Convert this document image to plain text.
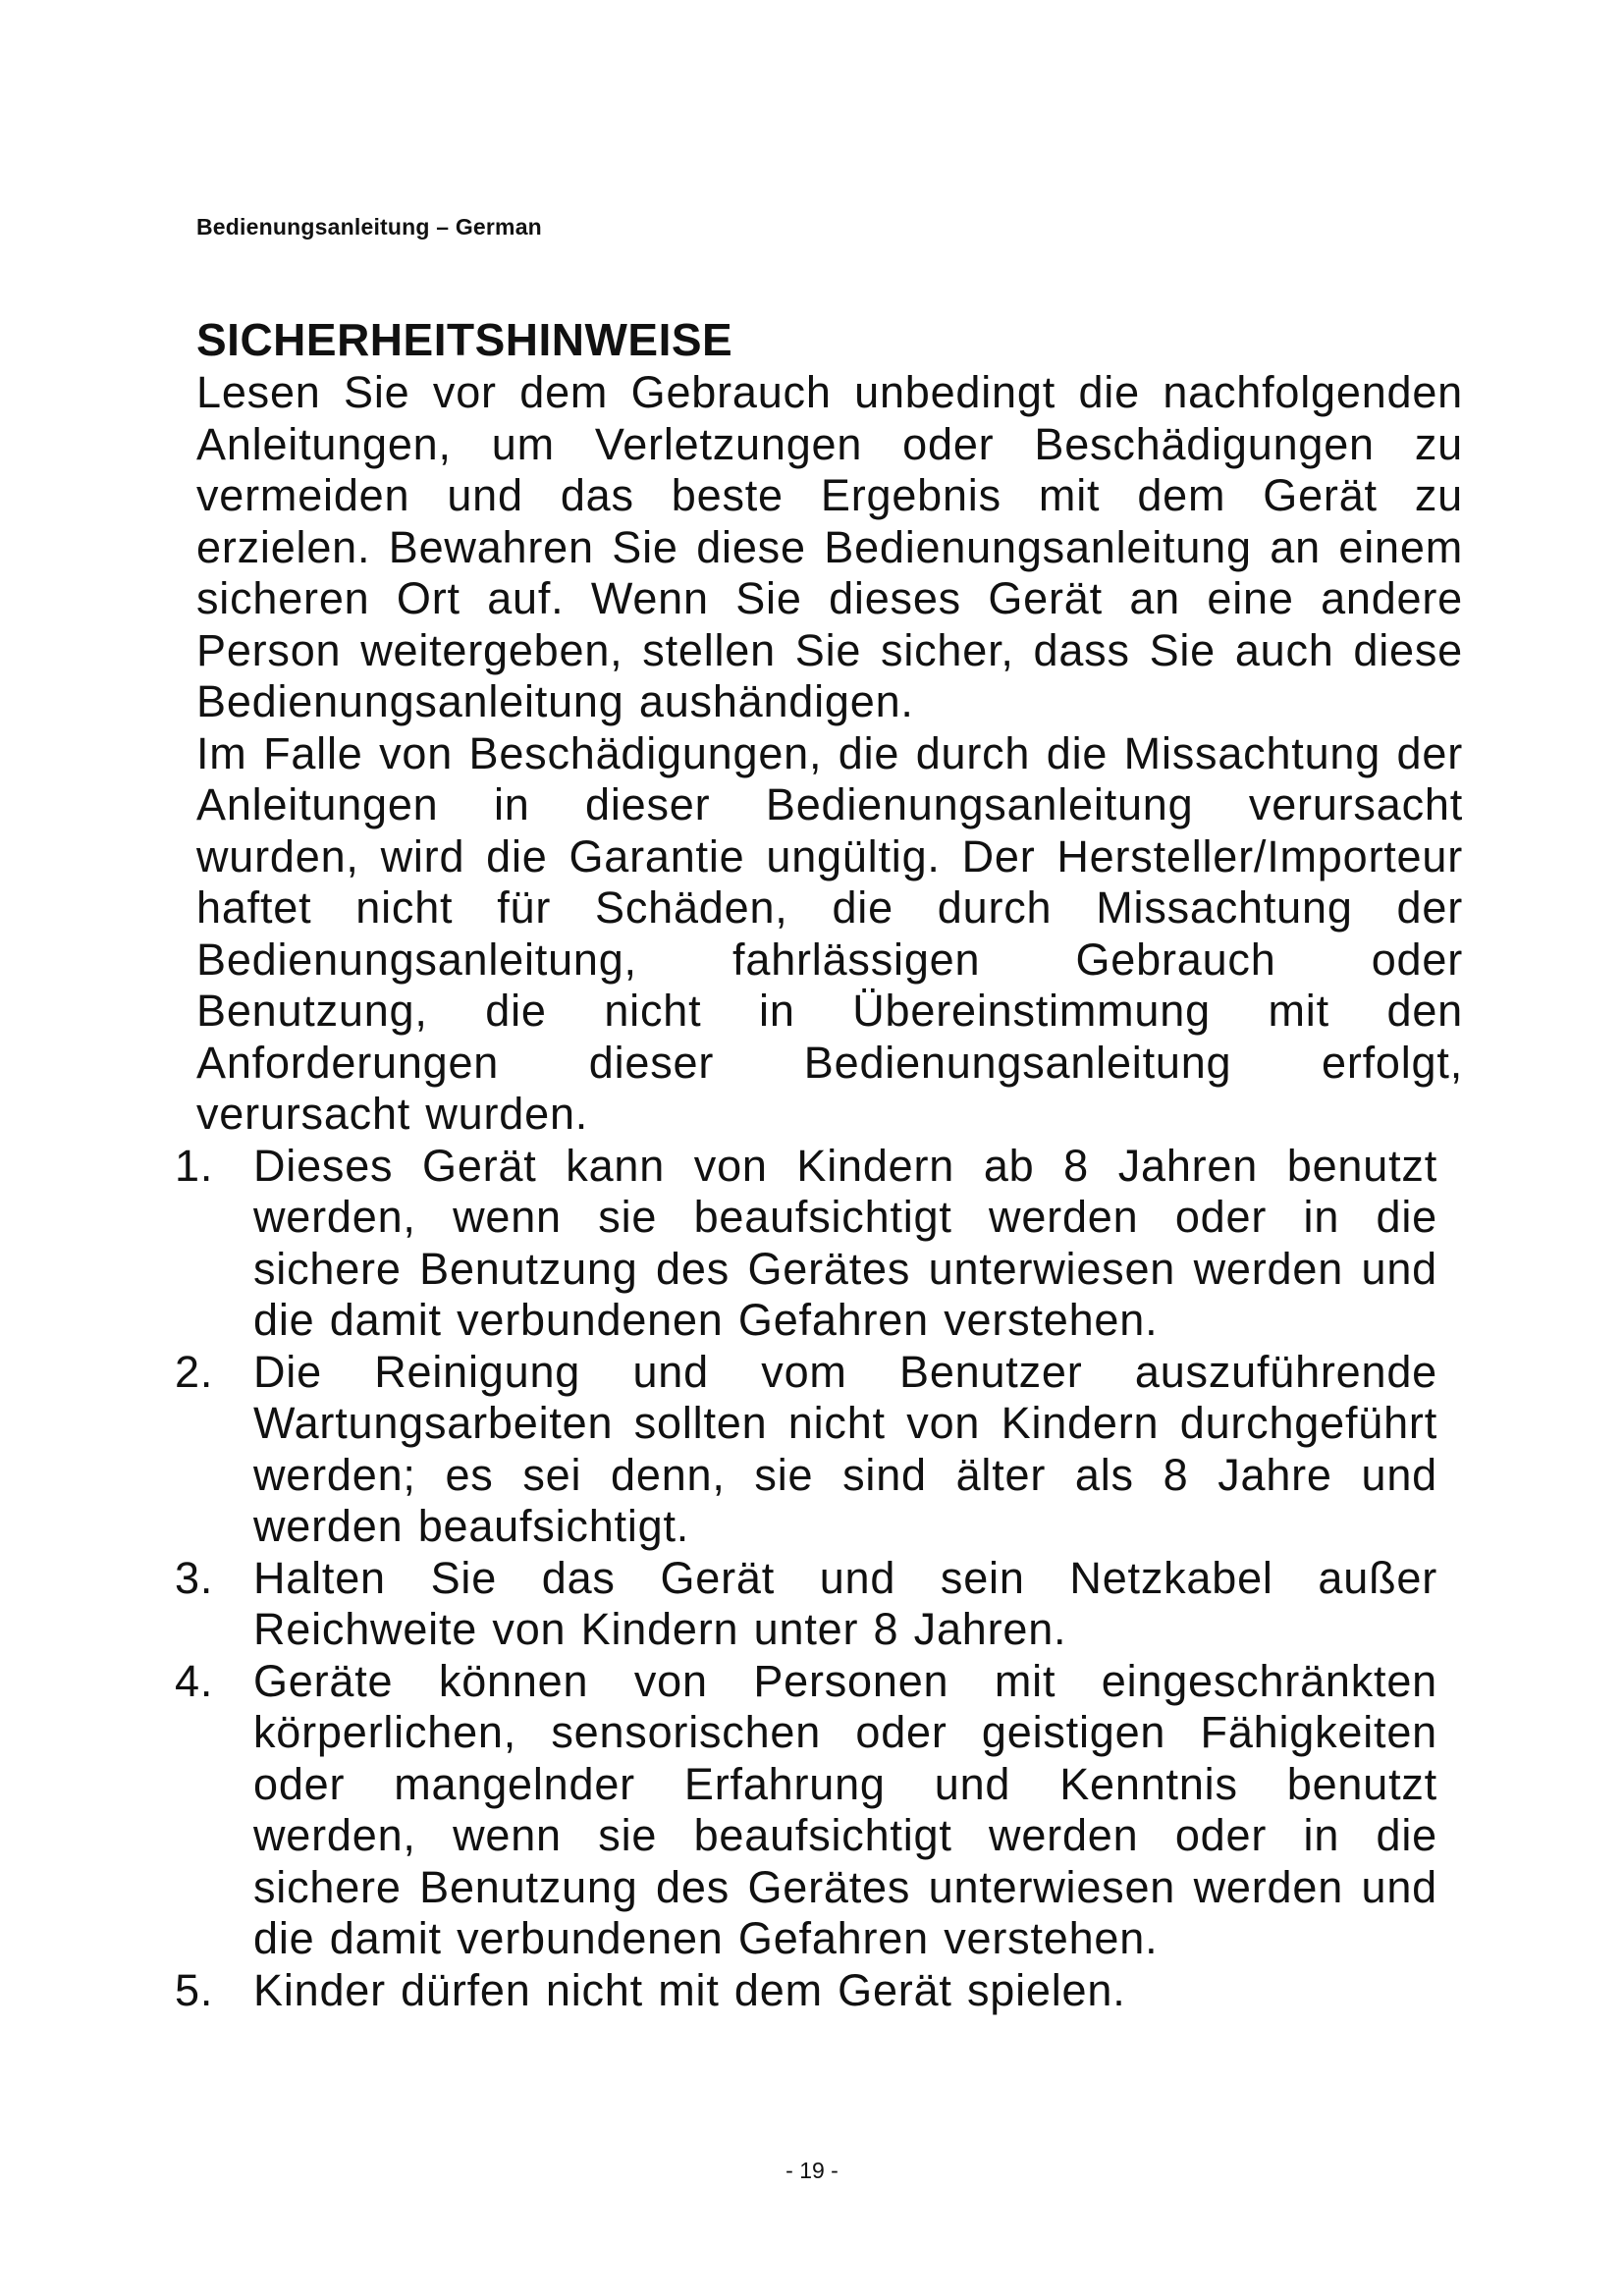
Bedienungsanleitung – German
SICHERHEITSHINWEISE

Lesen Sie vor dem Gebrauch unbedingt die nachfolgenden Anleitungen, um Verletzungen oder Beschädigungen zu vermeiden und das beste Ergebnis mit dem Gerät zu erzielen. Bewahren Sie diese Bedienungsanleitung an einem sicheren Ort auf. Wenn Sie dieses Gerät an eine andere Person weitergeben, stellen Sie sicher, dass Sie auch diese Bedienungsanleitung aushändigen.

Im Falle von Beschädigungen, die durch die Missachtung der Anleitungen in dieser Bedienungsanleitung verursacht wurden, wird die Garantie ungültig. Der Hersteller/Importeur haftet nicht für Schäden, die durch Missachtung der Bedienungsanleitung, fahrlässigen Gebrauch oder Benutzung, die nicht in Übereinstimmung mit den Anforderungen dieser Bedienungsanleitung erfolgt, verursacht wurden.

1. Dieses Gerät kann von Kindern ab 8 Jahren benutzt werden, wenn sie beaufsichtigt werden oder in die sichere Benutzung des Gerätes unterwiesen werden und die damit verbundenen Gefahren verstehen.
2. Die Reinigung und vom Benutzer auszuführende Wartungsarbeiten sollten nicht von Kindern durchgeführt werden; es sei denn, sie sind älter als 8 Jahre und werden beaufsichtigt.
3. Halten Sie das Gerät und sein Netzkabel außer Reichweite von Kindern unter 8 Jahren.
4. Geräte können von Personen mit eingeschränkten körperlichen, sensorischen oder geistigen Fähigkeiten oder mangelnder Erfahrung und Kenntnis benutzt werden, wenn sie beaufsichtigt werden oder in die sichere Benutzung des Gerätes unterwiesen werden und die damit verbundenen Gefahren verstehen.
5. Kinder dürfen nicht mit dem Gerät spielen.
- 19 -
